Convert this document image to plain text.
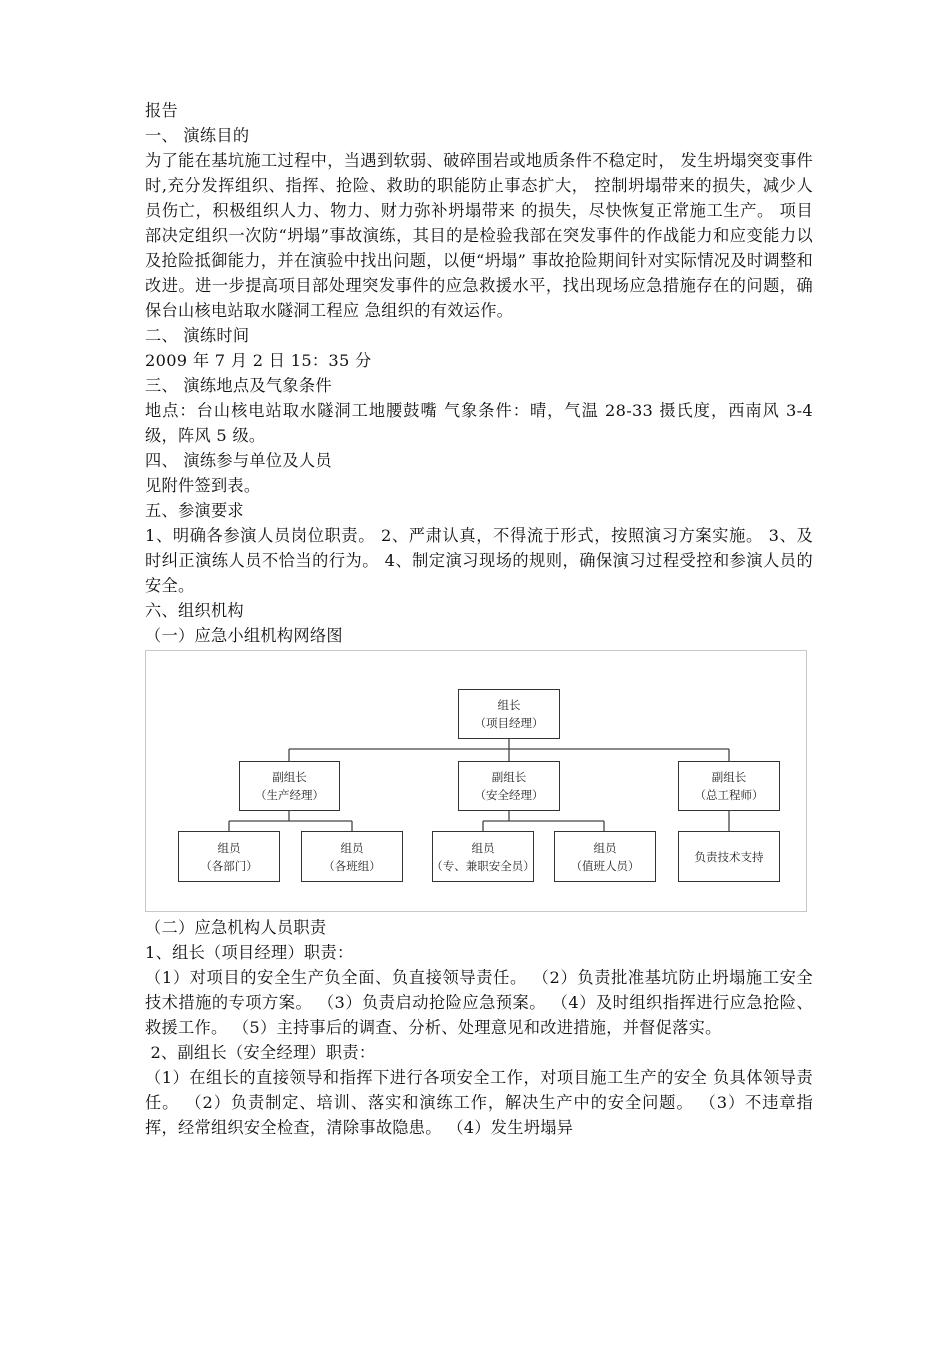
报告
一、 演练目的
为了能在基坑施工过程中，当遇到软弱、破碎围岩或地质条件不稳定时， 发生坍塌突变事件时,充分发挥组织、指挥、抢险、救助的职能防止事态扩大， 控制坍塌带来的损失，减少人员伤亡，积极组织人力、物力、财力弥补坍塌带来 的损失，尽快恢复正常施工生产。 项目部决定组织一次防“坍塌”事故演练，其目的是检验我部在突发事件的作战能力和应变能力以及抢险抵御能力，并在演验中找出问题，以便“坍塌” 事故抢险期间针对实际情况及时调整和改进。进一步提高项目部处理突发事件的应急救援水平，找出现场应急措施存在的问题，确保台山核电站取水隧洞工程应 急组织的有效运作。
二、 演练时间
2009 年 7 月 2 日 15：35 分
三、 演练地点及气象条件
地点：台山核电站取水隧洞工地腰鼓嘴 气象条件：晴，气温 28-33 摄氏度，西南风 3-4 级，阵风 5 级。
四、 演练参与单位及人员
见附件签到表。
五、参演要求
1、明确各参演人员岗位职责。 2、严肃认真，不得流于形式，按照演习方案实施。 3、及时纠正演练人员不恰当的行为。 4、制定演习现场的规则，确保演习过程受控和参演人员的安全。
六、组织机构
（一）应急小组机构网络图
组长
（项目经理）
副组长
（生产经理）
副组长
（安全经理）
副组长
（总工程师）
组员
（各部门）
组员
（各班组）
组员
（专、兼职安全员）
组员
（值班人员）
负责技术支持
（二）应急机构人员职责
1、组长（项目经理）职责：
（1）对项目的安全生产负全面、负直接领导责任。 （2）负责批准基坑防止坍塌施工安全技术措施的专项方案。 （3）负责启动抢险应急预案。 （4）及时组织指挥进行应急抢险、救援工作。 （5）主持事后的调查、分析、处理意见和改进措施，并督促落实。
2、副组长（安全经理）职责：
（1）在组长的直接领导和指挥下进行各项安全工作，对项目施工生产的安全 负具体领导责任。 （2）负责制定、培训、落实和演练工作，解决生产中的安全问题。 （3）不违章指挥，经常组织安全检查，清除事故隐患。 （4）发生坍塌异
